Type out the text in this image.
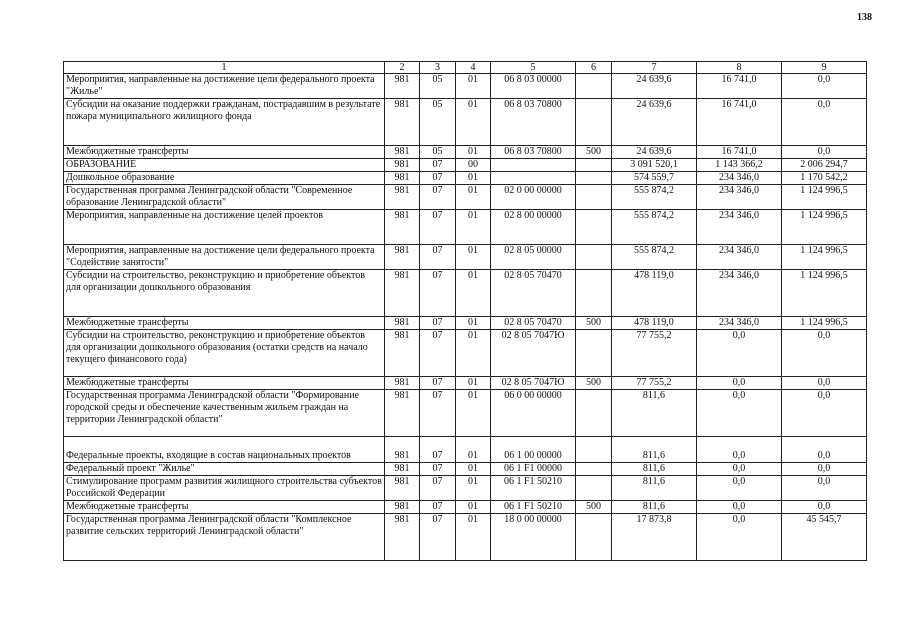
138
1	2	3	4	5	6	7	8	9
Мероприятия, направленные на достижение цели федерального проекта "Жилье"	981	05	01	06 8 03 00000		24 639,6	16 741,0	0,0
Субсидии на оказание поддержки гражданам, пострадавшим в результате пожара муниципального жилищного фонда	981	05	01	06 8 03 70800		24 639,6	16 741,0	0,0
Межбюджетные трансферты	981	05	01	06 8 03 70800	500	24 639,6	16 741,0	0,0
ОБРАЗОВАНИЕ	981	07	00			3 091 520,1	1 143 366,2	2 006 294,7
Дошкольное образование	981	07	01			574 559,7	234 346,0	1 170 542,2
Государственная программа Ленинградской области "Современное образование Ленинградской области"	981	07	01	02 0 00 00000		555 874,2	234 346,0	1 124 996,5
Мероприятия, направленные на достижение целей проектов	981	07	01	02 8 00 00000		555 874,2	234 346,0	1 124 996,5
Мероприятия, направленные на достижение цели федерального проекта "Содействие занятости"	981	07	01	02 8 05 00000		555 874,2	234 346,0	1 124 996,5
Субсидии на строительство, реконструкцию и приобретение объектов для организации дошкольного образования	981	07	01	02 8 05 70470		478 119,0	234 346,0	1 124 996,5
Межбюджетные трансферты	981	07	01	02 8 05 70470	500	478 119,0	234 346,0	1 124 996,5
Субсидии на строительство, реконструкцию и приобретение объектов для организации дошкольного образования (остатки средств на начало текущего финансового года)	981	07	01	02 8 05 7047Ю		77 755,2	0,0	0,0
Межбюджетные трансферты	981	07	01	02 8 05 7047Ю	500	77 755,2	0,0	0,0
Государственная программа Ленинградской области "Формирование городской среды и обеспечение качественным жильем граждан на территории Ленинградской области"	981	07	01	06 0 00 00000		811,6	0,0	0,0
Федеральные проекты, входящие в состав национальных проектов	981	07	01	06 1 00 00000		811,6	0,0	0,0
Федеральный проект "Жилье"	981	07	01	06 1 F1 00000		811,6	0,0	0,0
Стимулирование программ развития жилищного строительства субъектов Российской Федерации	981	07	01	06 1 F1 50210		811,6	0,0	0,0
Межбюджетные трансферты	981	07	01	06 1 F1 50210	500	811,6	0,0	0,0
Государственная программа Ленинградской области "Комплексное развитие сельских территорий Ленинградской области"	981	07	01	18 0 00 00000		17 873,8	0,0	45 545,7
